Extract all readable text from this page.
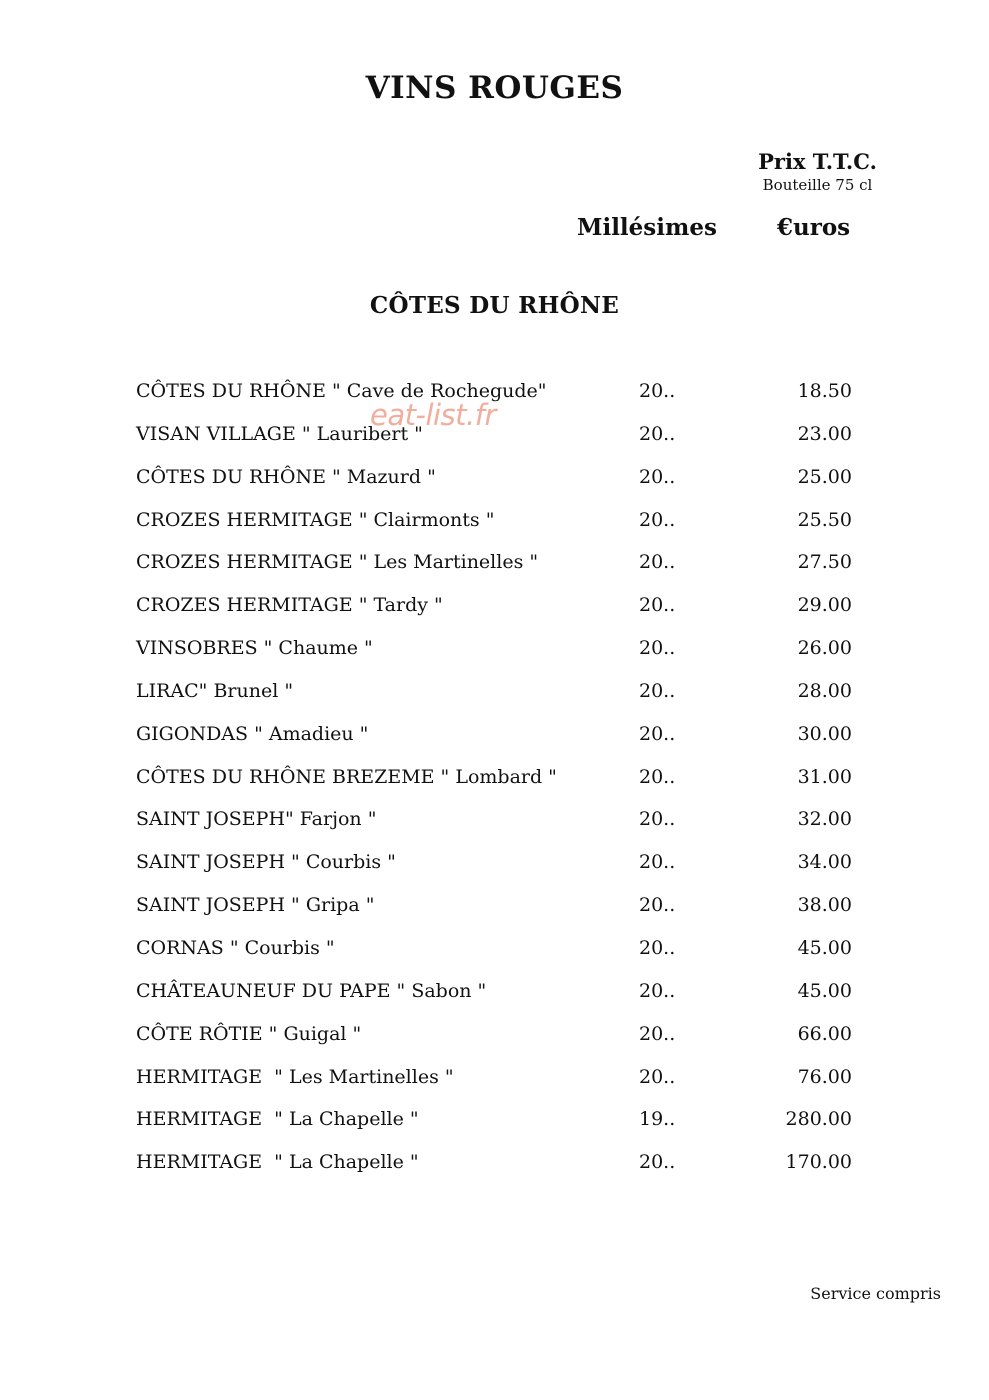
VINS ROUGES
Prix T.T.C.
Bouteille 75 cl
Millésimes	€uros
CÔTES DU RHÔNE
CÔTES DU RHÔNE " Cave de Rochegude"	20..	18.50
VISAN VILLAGE " Lauribert "	20..	23.00
CÔTES DU RHÔNE " Mazurd "	20..	25.00
CROZES HERMITAGE " Clairmonts "	20..	25.50
CROZES HERMITAGE " Les Martinelles "	20..	27.50
CROZES HERMITAGE " Tardy "	20..	29.00
VINSOBRES " Chaume "	20..	26.00
LIRAC" Brunel "	20..	28.00
GIGONDAS " Amadieu "	20..	30.00
CÔTES DU RHÔNE BREZEME " Lombard "	20..	31.00
SAINT JOSEPH" Farjon "	20..	32.00
SAINT JOSEPH " Courbis "	20..	34.00
SAINT JOSEPH " Gripa "	20..	38.00
CORNAS " Courbis "	20..	45.00
CHÂTEAUNEUF DU PAPE " Sabon "	20..	45.00
CÔTE RÔTIE " Guigal "	20..	66.00
HERMITAGE  " Les Martinelles "	20..	76.00
HERMITAGE  " La Chapelle "	19..	280.00
HERMITAGE  " La Chapelle "	20..	170.00
eat-list.fr
Service compris
